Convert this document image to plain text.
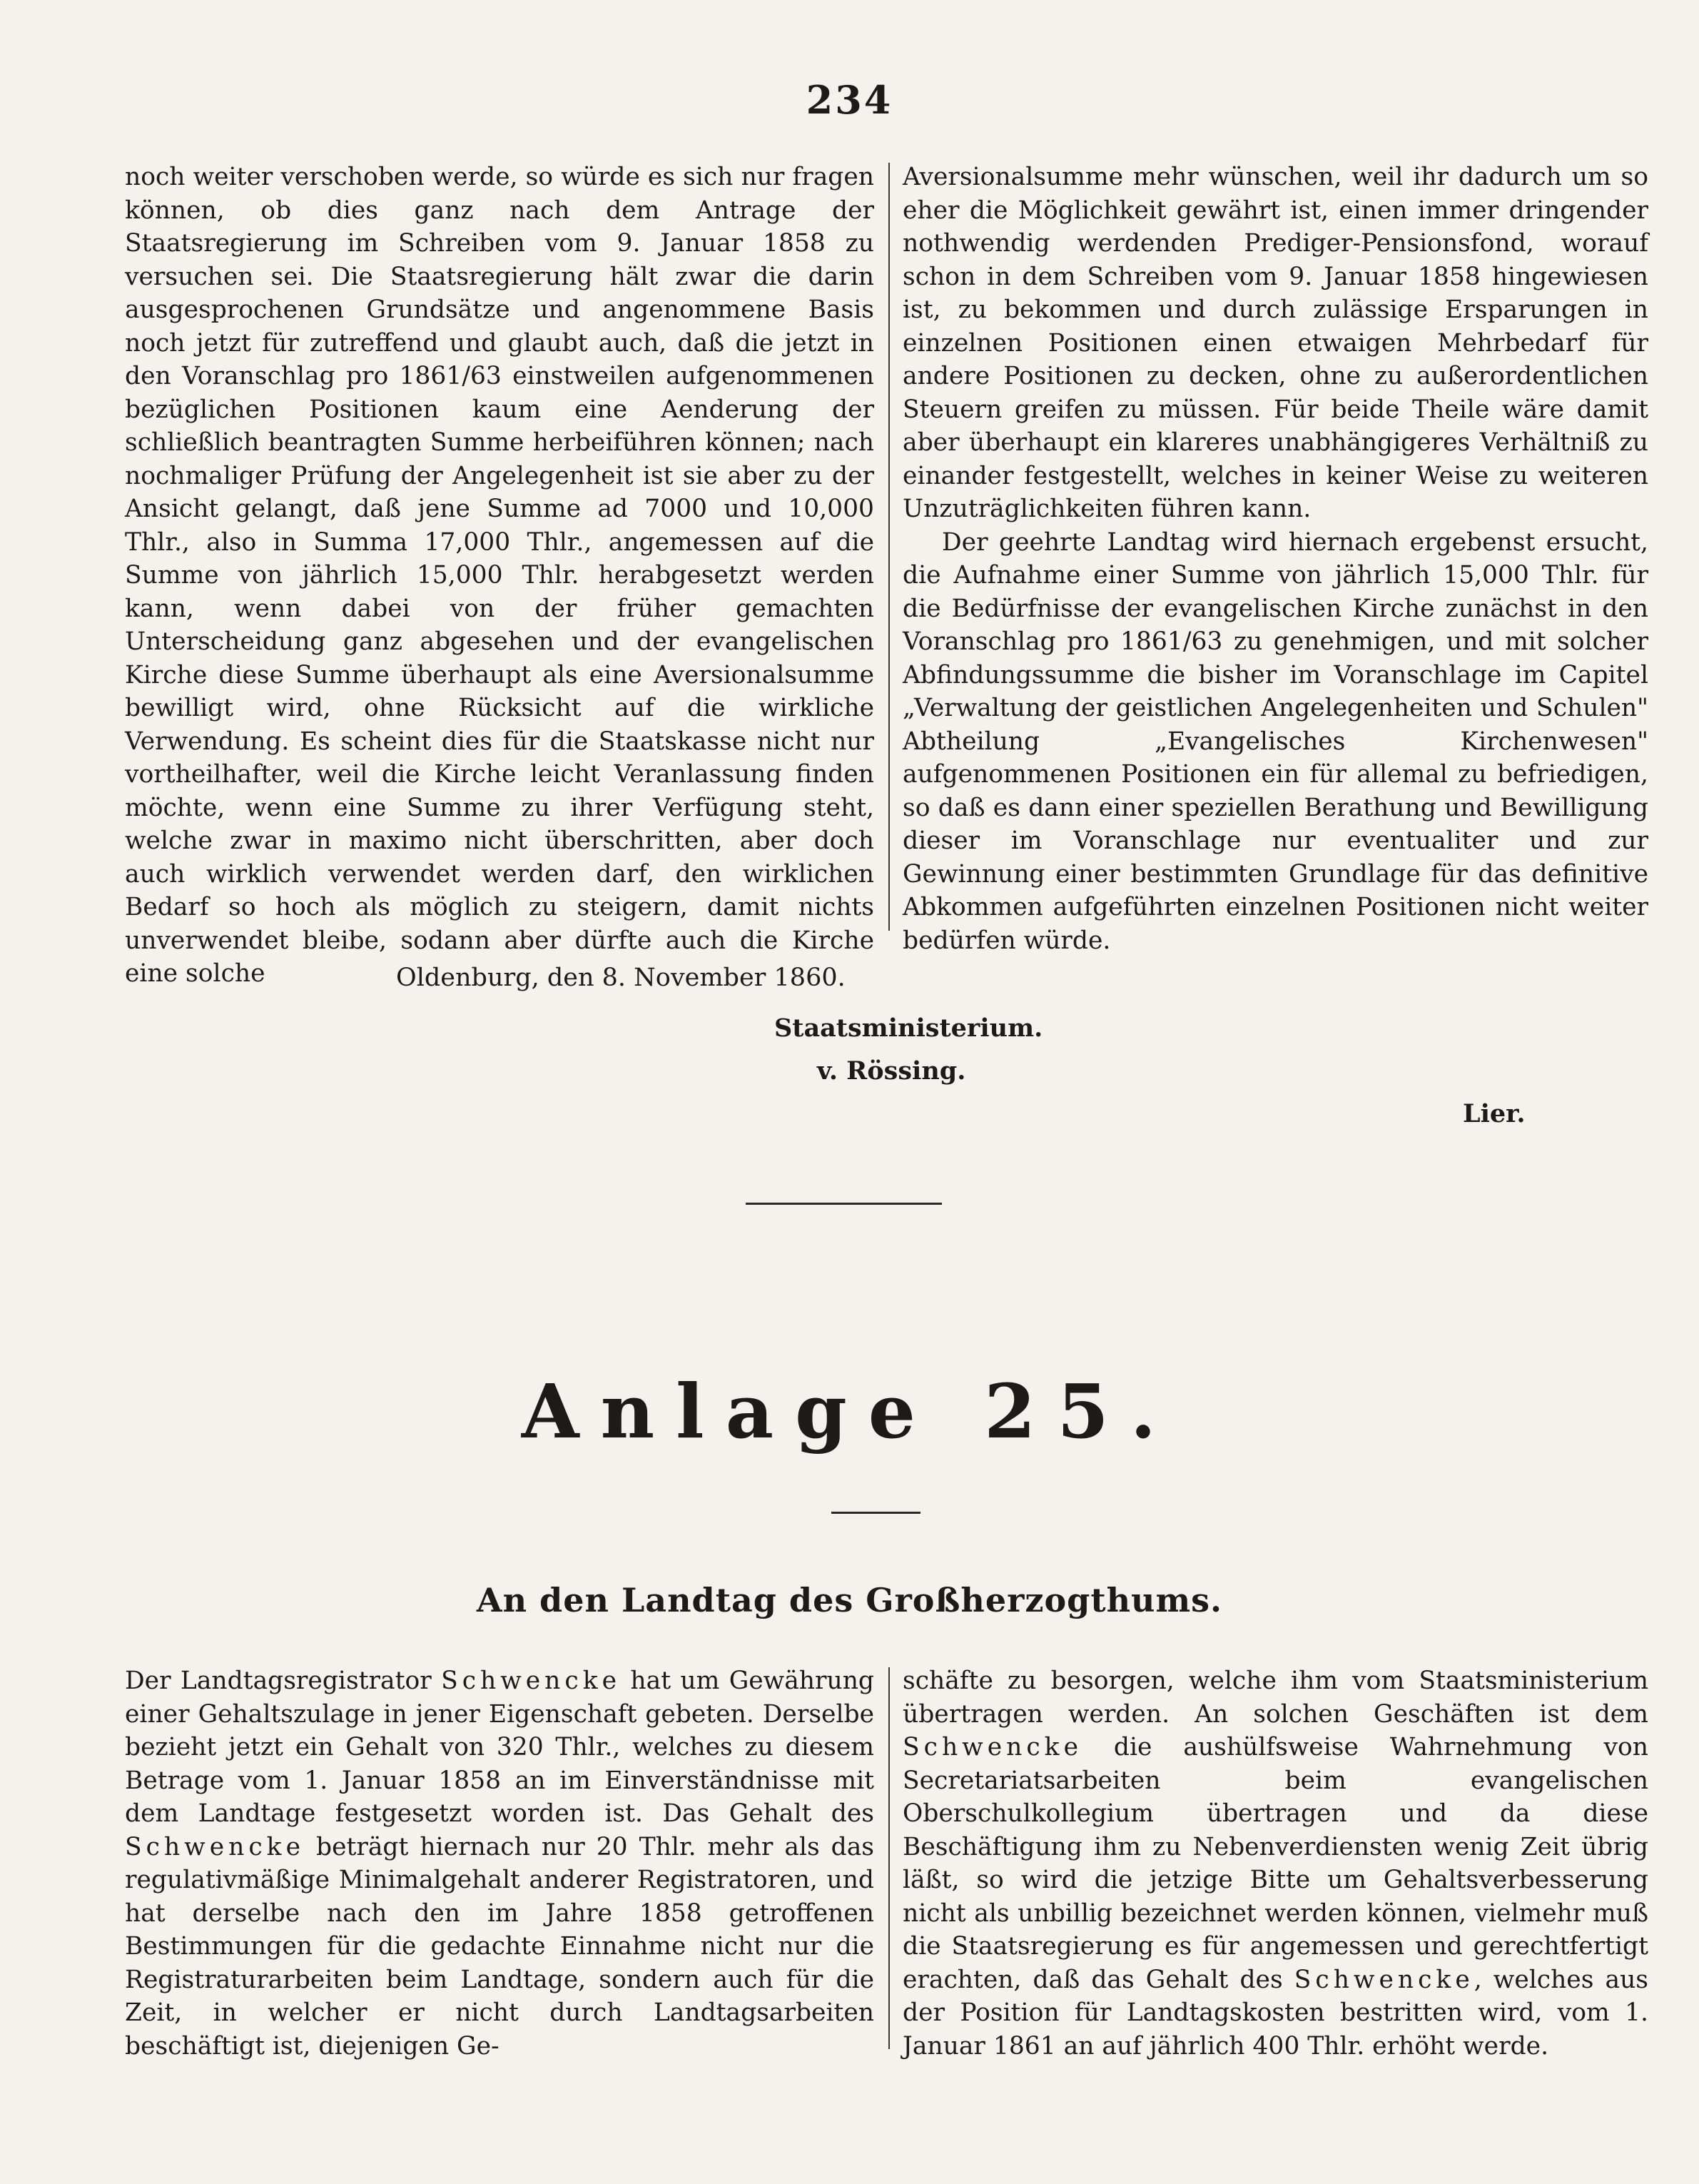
234

noch weiter verschoben werde, so würde es sich nur fragen können, ob dies ganz nach dem Antrage der Staatsregierung im Schreiben vom 9. Januar 1858 zu versuchen sei. Die Staatsregierung hält zwar die darin ausgesprochenen Grundsätze und angenommene Basis noch jetzt für zutreffend und glaubt auch, daß die jetzt in den Voranschlag pro 1861/63 einstweilen aufgenommenen bezüglichen Positionen kaum eine Aenderung der schließlich beantragten Summe herbeiführen können; nach nochmaliger Prüfung der Angelegenheit ist sie aber zu der Ansicht gelangt, daß jene Summe ad 7000 und 10,000 Thlr., also in Summa 17,000 Thlr., angemessen auf die Summe von jährlich 15,000 Thlr. herabgesetzt werden kann, wenn dabei von der früher gemachten Unterscheidung ganz abgesehen und der evangelischen Kirche diese Summe überhaupt als eine Aversionalsumme bewilligt wird, ohne Rücksicht auf die wirkliche Verwendung. Es scheint dies für die Staatskasse nicht nur vortheilhafter, weil die Kirche leicht Veranlassung finden möchte, wenn eine Summe zu ihrer Verfügung steht, welche zwar in maximo nicht überschritten, aber doch auch wirklich verwendet werden darf, den wirklichen Bedarf so hoch als möglich zu steigern, damit nichts unverwendet bleibe, sodann aber dürfte auch die Kirche eine solche

Aversionalsumme mehr wünschen, weil ihr dadurch um so eher die Möglichkeit gewährt ist, einen immer dringender nothwendig werdenden Prediger-Pensionsfond, worauf schon in dem Schreiben vom 9. Januar 1858 hingewiesen ist, zu bekommen und durch zulässige Ersparungen in einzelnen Positionen einen etwaigen Mehrbedarf für andere Positionen zu decken, ohne zu außerordentlichen Steuern greifen zu müssen. Für beide Theile wäre damit aber überhaupt ein klareres unabhängigeres Verhältniß zu einander festgestellt, welches in keiner Weise zu weiteren Unzuträglichkeiten führen kann.

Der geehrte Landtag wird hiernach ergebenst ersucht, die Aufnahme einer Summe von jährlich 15,000 Thlr. für die Bedürfnisse der evangelischen Kirche zunächst in den Voranschlag pro 1861/63 zu genehmigen, und mit solcher Abfindungssumme die bisher im Voranschlage im Capitel „Verwaltung der geistlichen Angelegenheiten und Schulen" Abtheilung „Evangelisches Kirchenwesen" aufgenommenen Positionen ein für allemal zu befriedigen, so daß es dann einer speziellen Berathung und Bewilligung dieser im Voranschlage nur eventualiter und zur Gewinnung einer bestimmten Grundlage für das definitive Abkommen aufgeführten einzelnen Positionen nicht weiter bedürfen würde.

Oldenburg, den 8. November 1860.
Staatsministerium.
v. Rössing.
Lier.
Anlage 25.
An den Landtag des Großherzogthums.

Der Landtagsregistrator Schwencke hat um Gewährung einer Gehaltszulage in jener Eigenschaft gebeten. Derselbe bezieht jetzt ein Gehalt von 320 Thlr., welches zu diesem Betrage vom 1. Januar 1858 an im Einverständnisse mit dem Landtage festgesetzt worden ist. Das Gehalt des Schwencke beträgt hiernach nur 20 Thlr. mehr als das regulativmäßige Minimalgehalt anderer Registratoren, und hat derselbe nach den im Jahre 1858 getroffenen Bestimmungen für die gedachte Einnahme nicht nur die Registraturarbeiten beim Landtage, sondern auch für die Zeit, in welcher er nicht durch Landtagsarbeiten beschäftigt ist, diejenigen Ge-

schäfte zu besorgen, welche ihm vom Staatsministerium übertragen werden. An solchen Geschäften ist dem Schwencke die aushülfsweise Wahrnehmung von Secretariatsarbeiten beim evangelischen Oberschulkollegium übertragen und da diese Beschäftigung ihm zu Nebenverdiensten wenig Zeit übrig läßt, so wird die jetzige Bitte um Gehaltsverbesserung nicht als unbillig bezeichnet werden können, vielmehr muß die Staatsregierung es für angemessen und gerechtfertigt erachten, daß das Gehalt des Schwencke, welches aus der Position für Landtagskosten bestritten wird, vom 1. Januar 1861 an auf jährlich 400 Thlr. erhöht werde.
